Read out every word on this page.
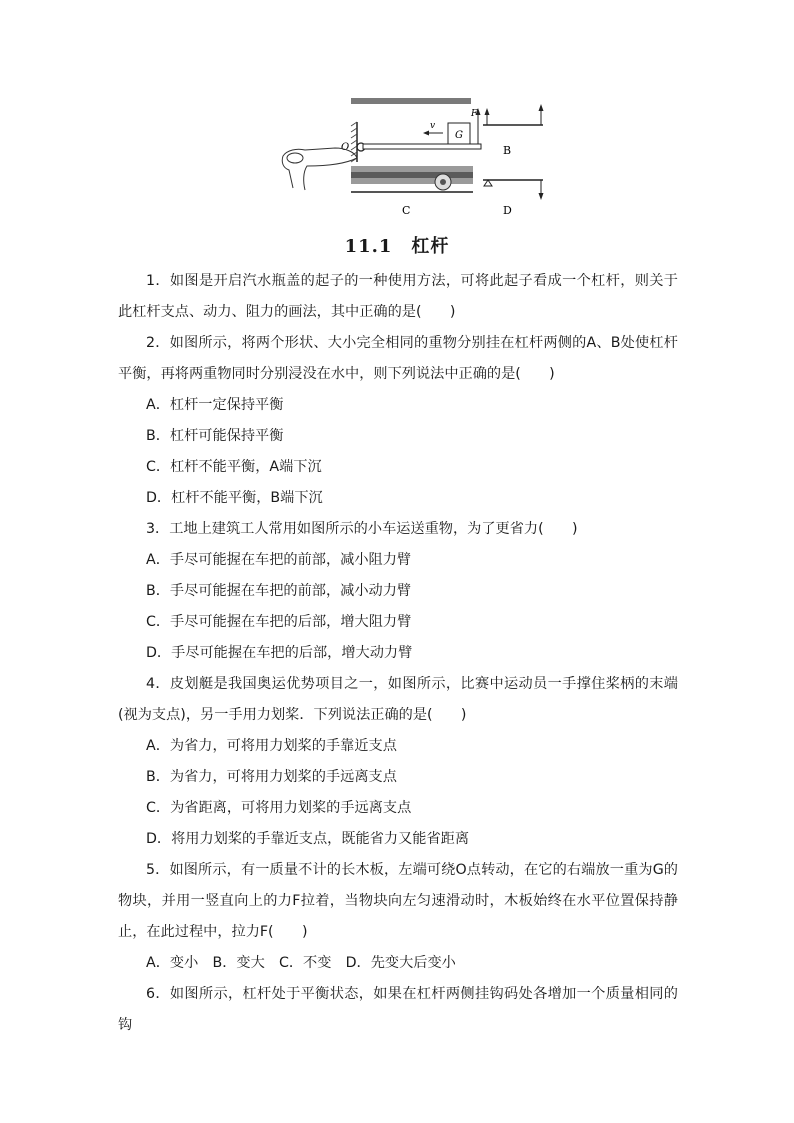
G
v
F
O
C
B
D
11.1　杠杆

1．如图是开启汽水瓶盖的起子的一种使用方法，可将此起子看成一个杠杆，则关于此杠杆支点、动力、阻力的画法，其中正确的是(　　)

2．如图所示，将两个形状、大小完全相同的重物分别挂在杠杆两侧的A、B处使杠杆平衡，再将两重物同时分别浸没在水中，则下列说法中正确的是(　　)

A．杠杆一定保持平衡

B．杠杆可能保持平衡

C．杠杆不能平衡，A端下沉

D．杠杆不能平衡，B端下沉

3．工地上建筑工人常用如图所示的小车运送重物，为了更省力(　　)

A．手尽可能握在车把的前部，减小阻力臂

B．手尽可能握在车把的前部，减小动力臂

C．手尽可能握在车把的后部，增大阻力臂

D．手尽可能握在车把的后部，增大动力臂

4．皮划艇是我国奥运优势项目之一，如图所示，比赛中运动员一手撑住桨柄的末端(视为支点)，另一手用力划桨．下列说法正确的是(　　)

A．为省力，可将用力划桨的手靠近支点

B．为省力，可将用力划桨的手远离支点

C．为省距离，可将用力划桨的手远离支点

D．将用力划桨的手靠近支点，既能省力又能省距离

5．如图所示，有一质量不计的长木板，左端可绕O点转动，在它的右端放一重为G的物块，并用一竖直向上的力F拉着，当物块向左匀速滑动时，木板始终在水平位置保持静止，在此过程中，拉力F(　　)

A．变小　B．变大　C．不变　D．先变大后变小

6．如图所示，杠杆处于平衡状态，如果在杠杆两侧挂钩码处各增加一个质量相同的钩
